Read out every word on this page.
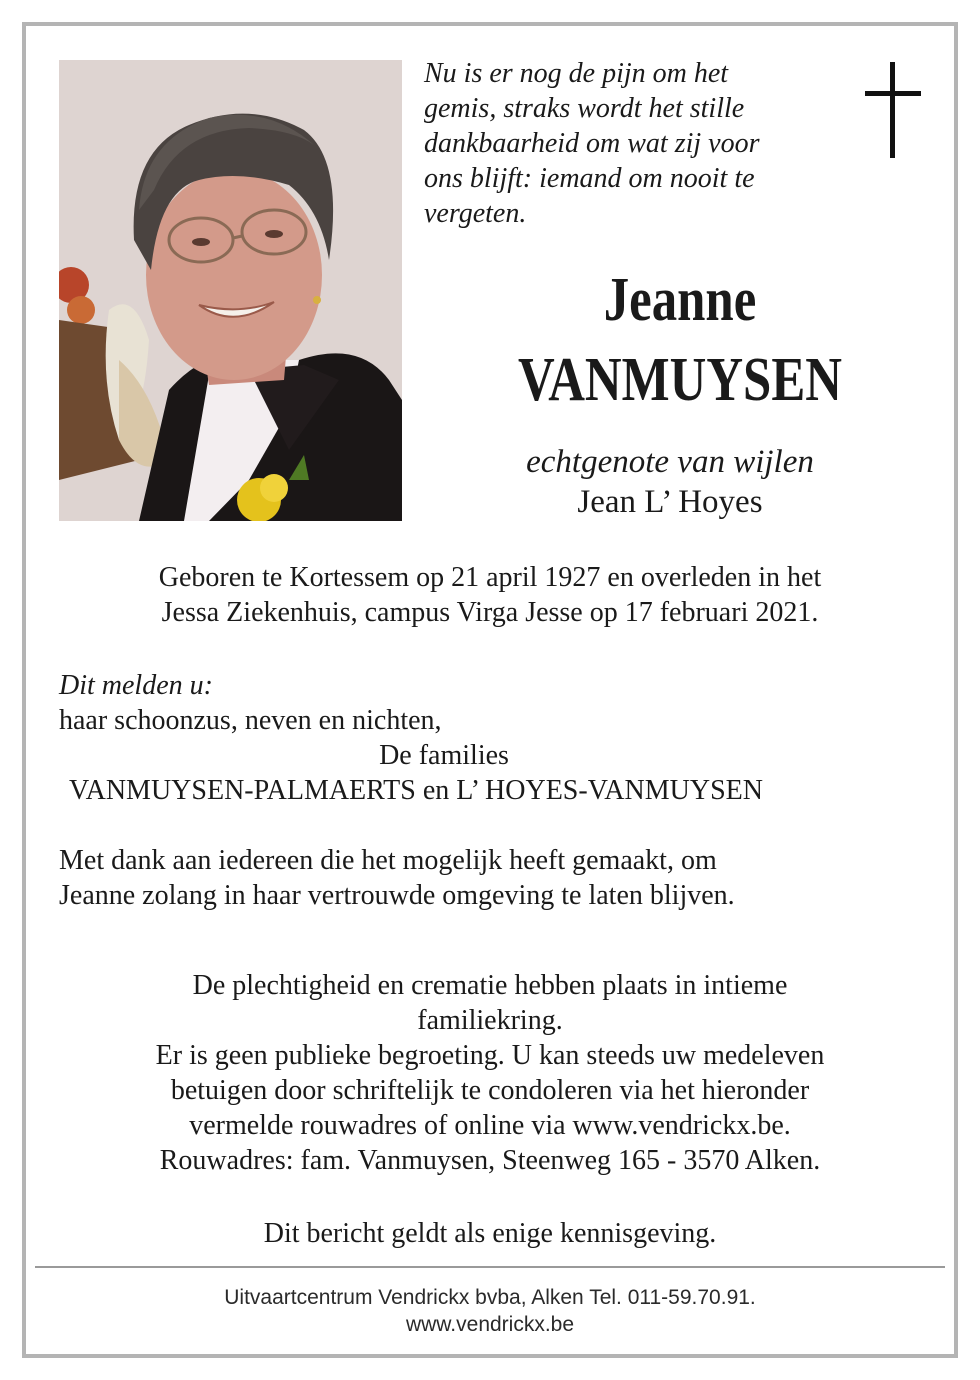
Nu is er nog de pijn om het
gemis, straks wordt het stille
dankbaarheid om wat zij voor
ons blijft: iemand om nooit te
vergeten.
Jeanne
VANMUYSEN
echtgenote van wijlen
Jean L’ Hoyes
Geboren te Kortessem op 21 april 1927 en overleden in het
Jessa Ziekenhuis, campus Virga Jesse op 17 februari 2021.
Dit melden u:
haar schoonzus, neven en nichten,
De families
VANMUYSEN-PALMAERTS en L’ HOYES-VANMUYSEN
Met dank aan iedereen die het mogelijk heeft gemaakt, om
Jeanne zolang in haar vertrouwde omgeving te laten blijven.
De plechtigheid en crematie hebben plaats in intieme
familiekring.
Er is geen publieke begroeting. U kan steeds uw medeleven
betuigen door schriftelijk te condoleren via het hieronder
vermelde rouwadres of online via www.vendrickx.be.
Rouwadres: fam. Vanmuysen, Steenweg 165 - 3570 Alken.
Dit bericht geldt als enige kennisgeving.
Uitvaartcentrum Vendrickx bvba, Alken Tel. 011-59.70.91.
www.vendrickx.be
